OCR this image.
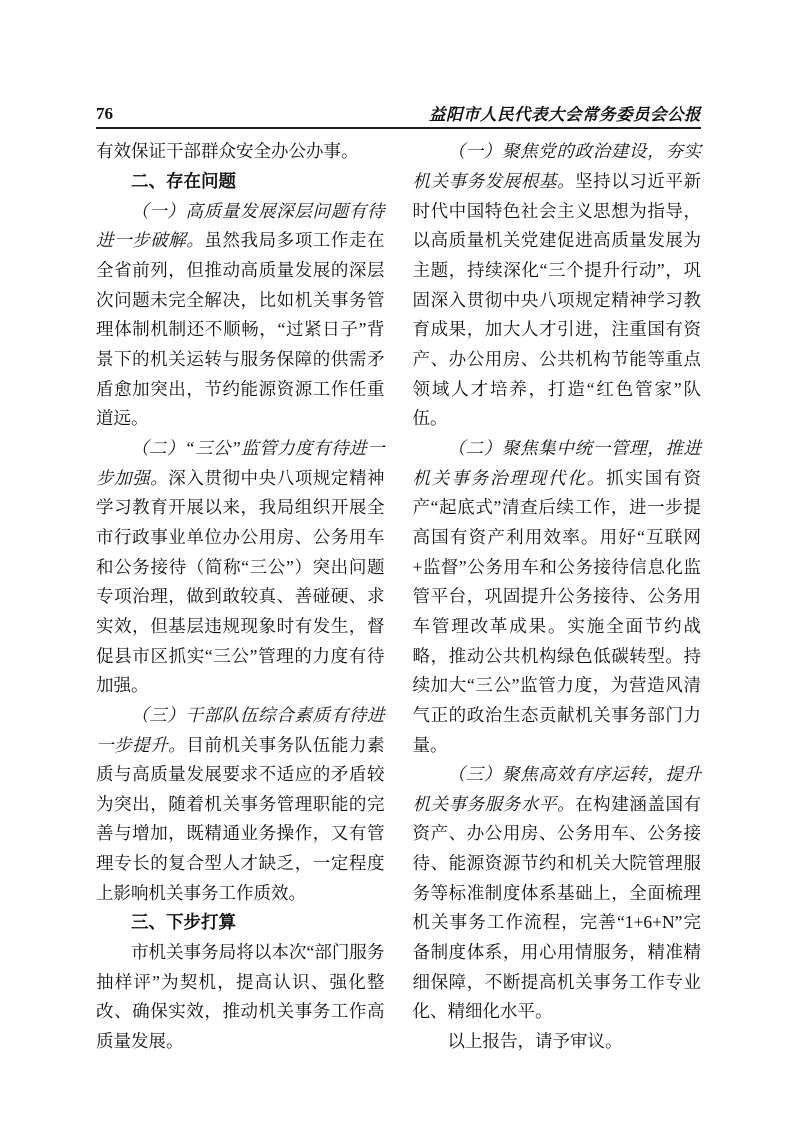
76	益阳市人民代表大会常务委员会公报

有效保证干部群众安全办公办事。

二、存在问题

（一）高质量发展深层问题有待进一步破解。虽然我局多项工作走在全省前列，但推动高质量发展的深层次问题未完全解决，比如机关事务管理体制机制还不顺畅，“过紧日子”背景下的机关运转与服务保障的供需矛盾愈加突出，节约能源资源工作任重道远。

（二）“三公”监管力度有待进一步加强。深入贯彻中央八项规定精神学习教育开展以来，我局组织开展全市行政事业单位办公用房、公务用车和公务接待（简称“三公”）突出问题专项治理，做到敢较真、善碰硬、求实效，但基层违规现象时有发生，督促县市区抓实“三公”管理的力度有待加强。

（三）干部队伍综合素质有待进一步提升。目前机关事务队伍能力素质与高质量发展要求不适应的矛盾较为突出，随着机关事务管理职能的完善与增加，既精通业务操作，又有管理专长的复合型人才缺乏，一定程度上影响机关事务工作质效。

三、下步打算

市机关事务局将以本次“部门服务抽样评”为契机，提高认识、强化整改、确保实效，推动机关事务工作高质量发展。

（一）聚焦党的政治建设，夯实机关事务发展根基。坚持以习近平新时代中国特色社会主义思想为指导，以高质量机关党建促进高质量发展为主题，持续深化“三个提升行动”，巩固深入贯彻中央八项规定精神学习教育成果，加大人才引进，注重国有资产、办公用房、公共机构节能等重点领域人才培养，打造“红色管家”队伍。

（二）聚焦集中统一管理，推进机关事务治理现代化。抓实国有资产“起底式”清查后续工作，进一步提高国有资产利用效率。用好“互联网+监督”公务用车和公务接待信息化监管平台，巩固提升公务接待、公务用车管理改革成果。实施全面节约战略，推动公共机构绿色低碳转型。持续加大“三公”监管力度，为营造风清气正的政治生态贡献机关事务部门力量。

（三）聚焦高效有序运转，提升机关事务服务水平。在构建涵盖国有资产、办公用房、公务用车、公务接待、能源资源节约和机关大院管理服务等标准制度体系基础上，全面梳理机关事务工作流程，完善“1+6+N”完备制度体系，用心用情服务，精准精细保障，不断提高机关事务工作专业化、精细化水平。

以上报告，请予审议。
